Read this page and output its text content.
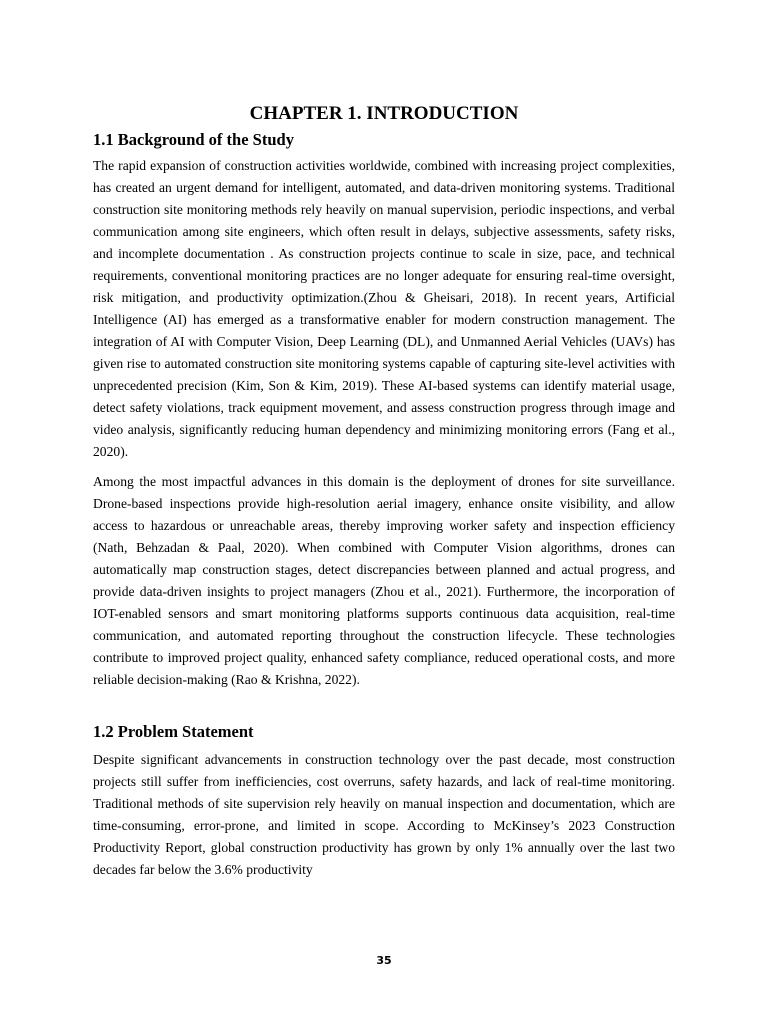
CHAPTER 1. INTRODUCTION
1.1 Background of the Study

The rapid expansion of construction activities worldwide, combined with increasing project complexities, has created an urgent demand for intelligent, automated, and data-driven monitoring systems. Traditional construction site monitoring methods rely heavily on manual supervision, periodic inspections, and verbal communication among site engineers, which often result in delays, subjective assessments, safety risks, and incomplete documentation . As construction projects continue to scale in size, pace, and technical requirements, conventional monitoring practices are no longer adequate for ensuring real-time oversight, risk mitigation, and productivity optimization.(Zhou & Gheisari, 2018). In recent years, Artificial Intelligence (AI) has emerged as a transformative enabler for modern construction management. The integration of AI with Computer Vision, Deep Learning (DL), and Unmanned Aerial Vehicles (UAVs) has given rise to automated construction site monitoring systems capable of capturing site-level activities with unprecedented precision (Kim, Son & Kim, 2019). These AI-based systems can identify material usage, detect safety violations, track equipment movement, and assess construction progress through image and video analysis, significantly reducing human dependency and minimizing monitoring errors (Fang et al., 2020).

Among the most impactful advances in this domain is the deployment of drones for site surveillance. Drone-based inspections provide high-resolution aerial imagery, enhance onsite visibility, and allow access to hazardous or unreachable areas, thereby improving worker safety and inspection efficiency (Nath, Behzadan & Paal, 2020). When combined with Computer Vision algorithms, drones can automatically map construction stages, detect discrepancies between planned and actual progress, and provide data-driven insights to project managers (Zhou et al., 2021). Furthermore, the incorporation of IOT-enabled sensors and smart monitoring platforms supports continuous data acquisition, real-time communication, and automated reporting throughout the construction lifecycle. These technologies contribute to improved project quality, enhanced safety compliance, reduced operational costs, and more reliable decision-making (Rao & Krishna, 2022).

1.2 Problem Statement

Despite significant advancements in construction technology over the past decade, most construction projects still suffer from inefficiencies, cost overruns, safety hazards, and lack of real-time monitoring. Traditional methods of site supervision rely heavily on manual inspection and documentation, which are time-consuming, error-prone, and limited in scope. According to McKinsey’s 2023 Construction Productivity Report, global construction productivity has grown by only 1% annually over the last two decades far below the 3.6% productivity

35
